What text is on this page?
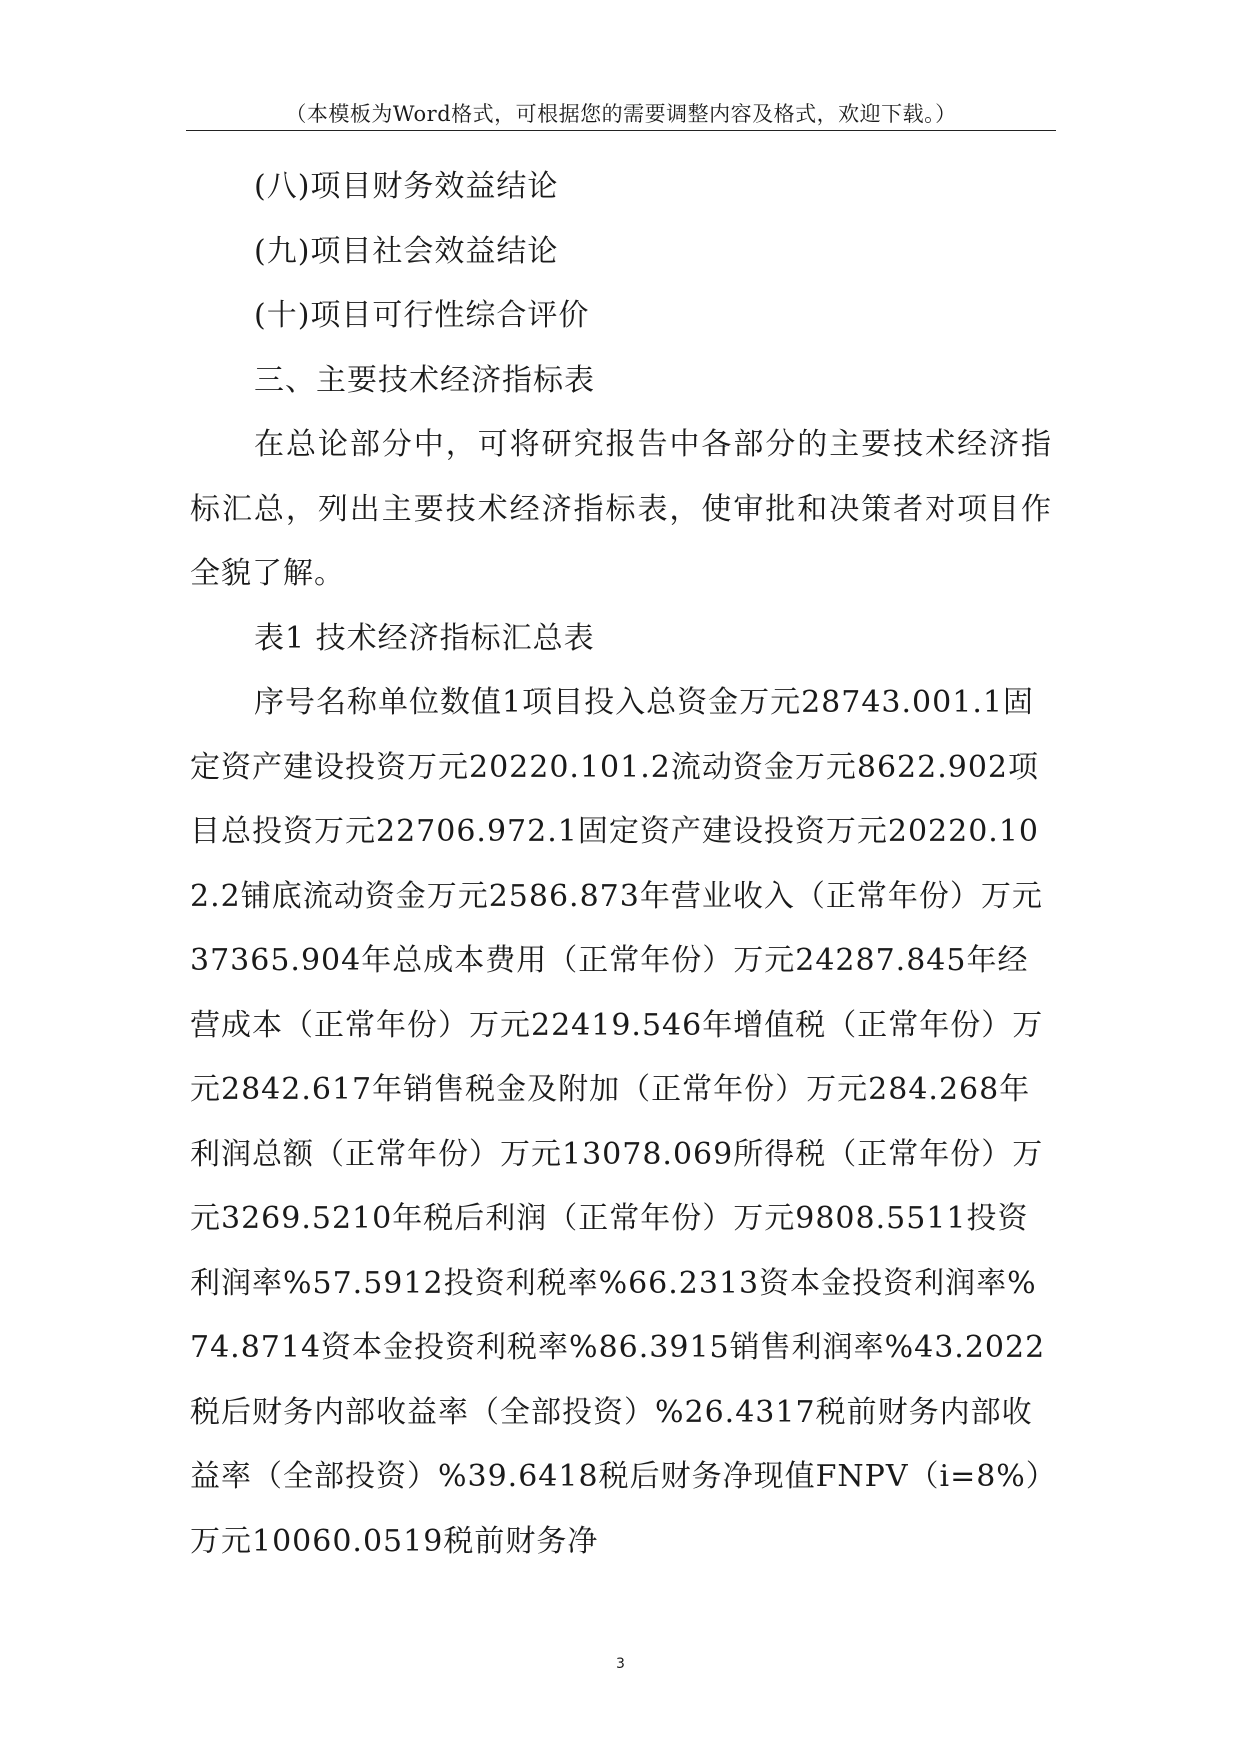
（本模板为Word格式，可根据您的需要调整内容及格式，欢迎下载。）

(八)项目财务效益结论

(九)项目社会效益结论

(十)项目可行性综合评价

三、主要技术经济指标表

在总论部分中，可将研究报告中各部分的主要技术经济指标汇总，列出主要技术经济指标表，使审批和决策者对项目作全貌了解。

表1 技术经济指标汇总表

序号名称单位数值1项目投入总资金万元28743.001.1固定资产建设投资万元20220.101.2流动资金万元8622.902项目总投资万元22706.972.1固定资产建设投资万元20220.102.2铺底流动资金万元2586.873年营业收入（正常年份）万元37365.904年总成本费用（正常年份）万元24287.845年经营成本（正常年份）万元22419.546年增值税（正常年份）万元2842.617年销售税金及附加（正常年份）万元284.268年利润总额（正常年份）万元13078.069所得税（正常年份）万元3269.5210年税后利润（正常年份）万元9808.5511投资利润率%57.5912投资利税率%66.2313资本金投资利润率%74.8714资本金投资利税率%86.3915销售利润率%43.2022税后财务内部收益率（全部投资）%26.4317税前财务内部收益率（全部投资）%39.6418税后财务净现值FNPV（i=8%）万元10060.0519税前财务净

3
